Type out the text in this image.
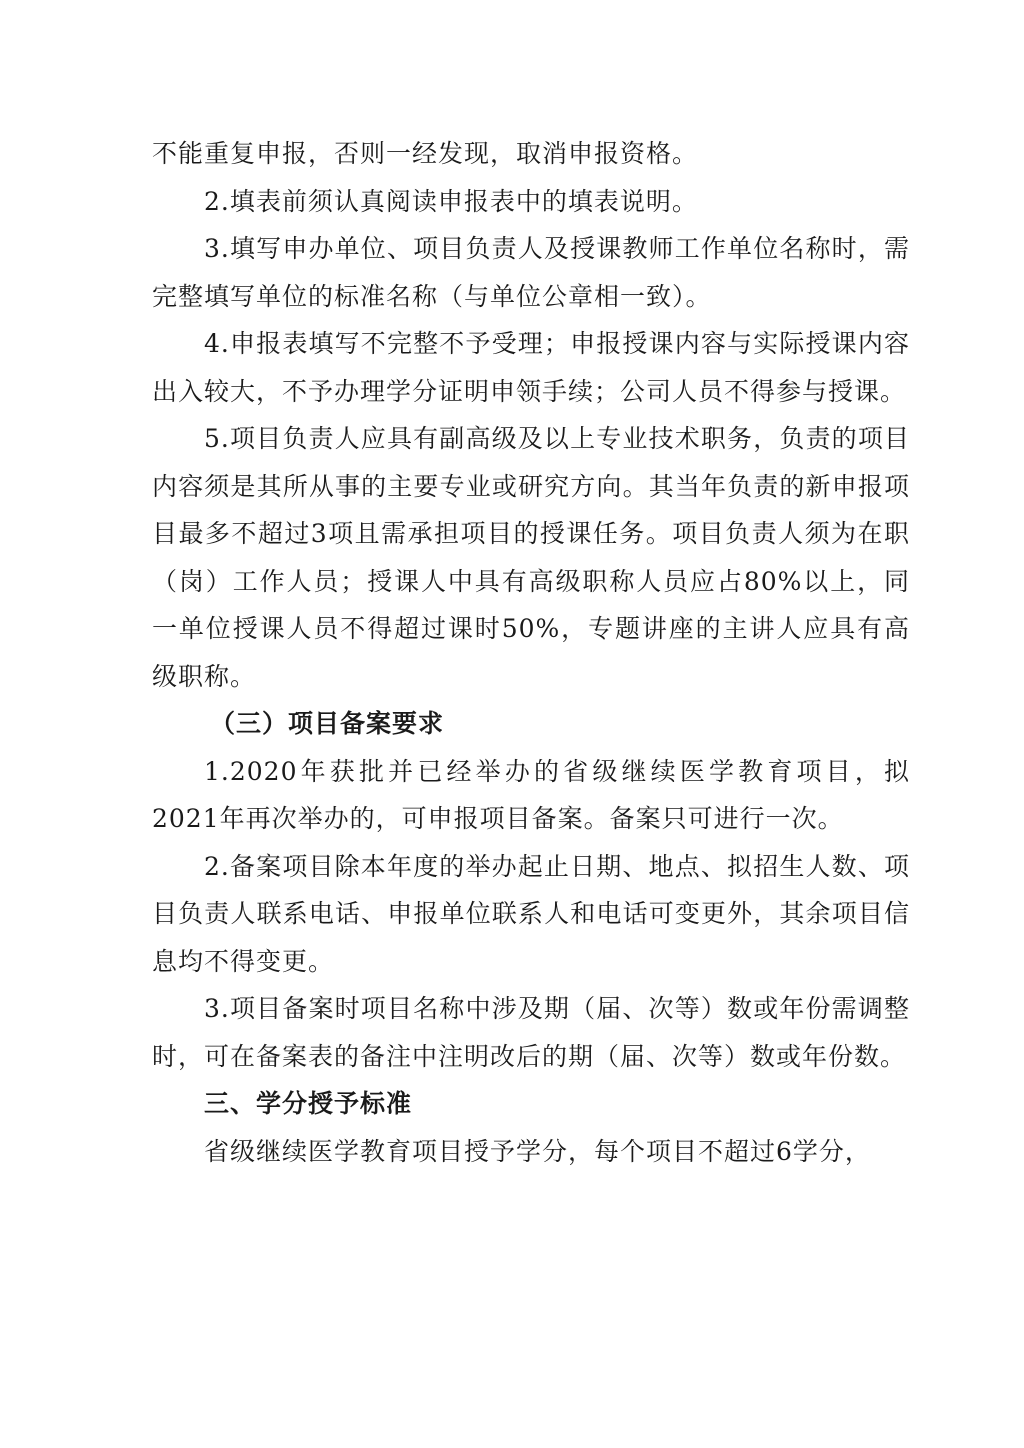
不能重复申报，否则一经发现，取消申报资格。

2.填表前须认真阅读申报表中的填表说明。

3.填写申办单位、项目负责人及授课教师工作单位名称时，需完整填写单位的标准名称（与单位公章相一致）。

4.申报表填写不完整不予受理；申报授课内容与实际授课内容出入较大，不予办理学分证明申领手续；公司人员不得参与授课。

5.项目负责人应具有副高级及以上专业技术职务，负责的项目内容须是其所从事的主要专业或研究方向。其当年负责的新申报项目最多不超过3项且需承担项目的授课任务。项目负责人须为在职（岗）工作人员；授课人中具有高级职称人员应占80%以上，同一单位授课人员不得超过课时50%，专题讲座的主讲人应具有高级职称。

（三）项目备案要求

1.2020年获批并已经举办的省级继续医学教育项目，拟2021年再次举办的，可申报项目备案。备案只可进行一次。

2.备案项目除本年度的举办起止日期、地点、拟招生人数、项目负责人联系电话、申报单位联系人和电话可变更外，其余项目信息均不得变更。

3.项目备案时项目名称中涉及期（届、次等）数或年份需调整时，可在备案表的备注中注明改后的期（届、次等）数或年份数。

三、学分授予标准

省级继续医学教育项目授予学分，每个项目不超过6学分，
